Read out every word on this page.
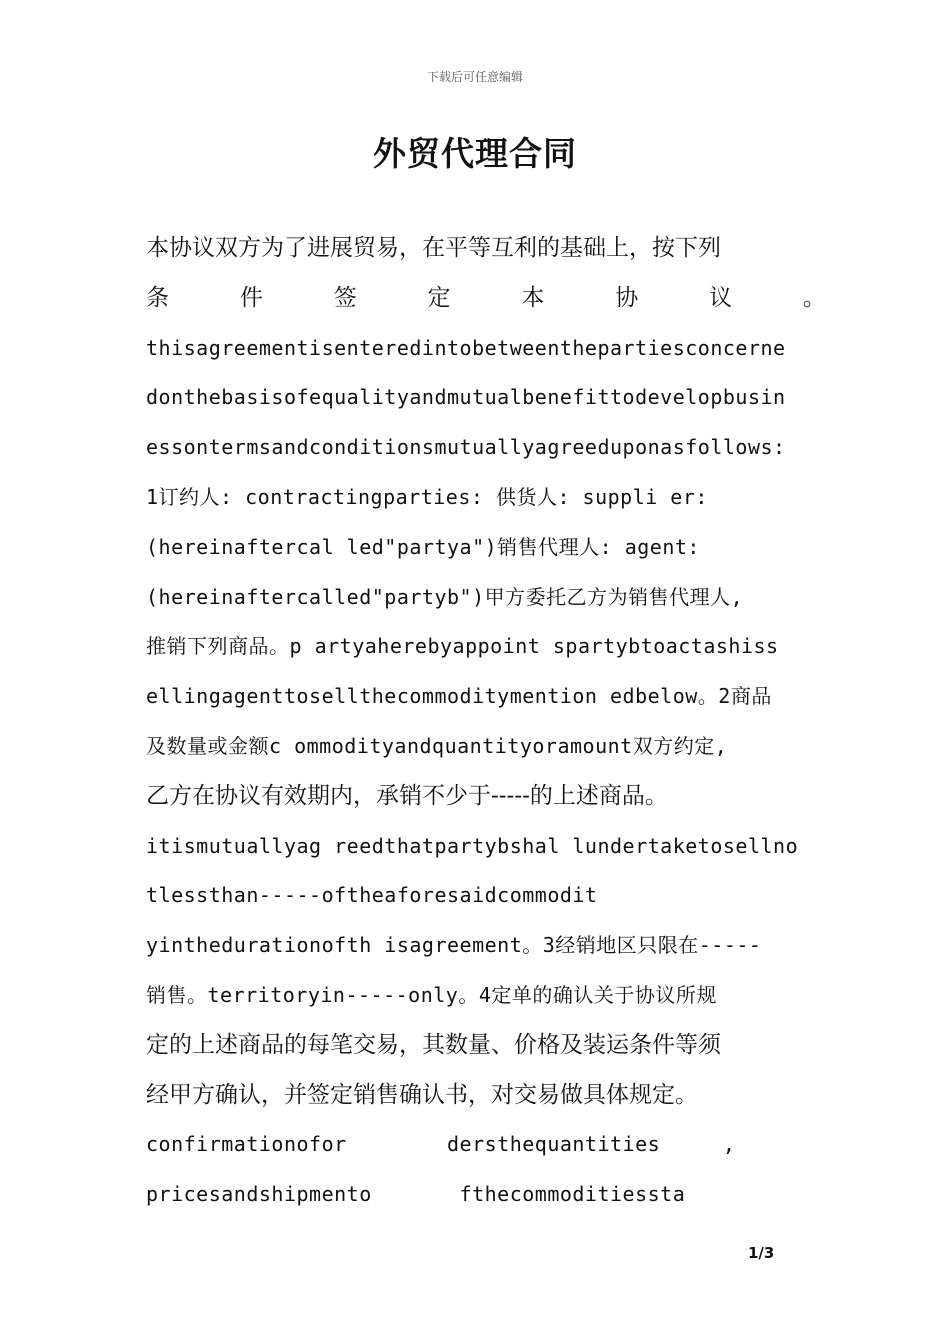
下载后可任意编辑
外贸代理合同
本协议双方为了进展贸易，在平等互利的基础上，按下列
条	件	签	定	本	协	议	。
thisagreementisenteredintobetweenthepartiesconcerne
donthebasisofequalityandmutualbenefittodevelopbusin
essontermsandconditionsmutuallyagreeduponasfollows:
1订约人: contractingparties: 供货人: suppli er:
(hereinaftercal led"partya")销售代理人: agent:
(hereinaftercalled"partyb")甲方委托乙方为销售代理人,
推销下列商品。p artyaherebyappoint spartybtoactashiss
ellingagenttosellthecommoditymention edbelow。2商品
及数量或金额c ommodityandquantityoramount双方约定,
乙方在协议有效期内，承销不少于-----的上述商品。
itismutuallyag reedthatpartybshal lundertaketosellno
tlessthan-----oftheaforesaidcommodit
yinthedurationofth isagreement。3经销地区只限在-----
销售。territoryin-----only。4定单的确认关于协议所规
定的上述商品的每笔交易，其数量、价格及装运条件等须
经甲方确认，并签定销售确认书，对交易做具体规定。
confirmationofor        dersthequantities     ,
pricesandshipmento       fthecommoditiessta
1/3
